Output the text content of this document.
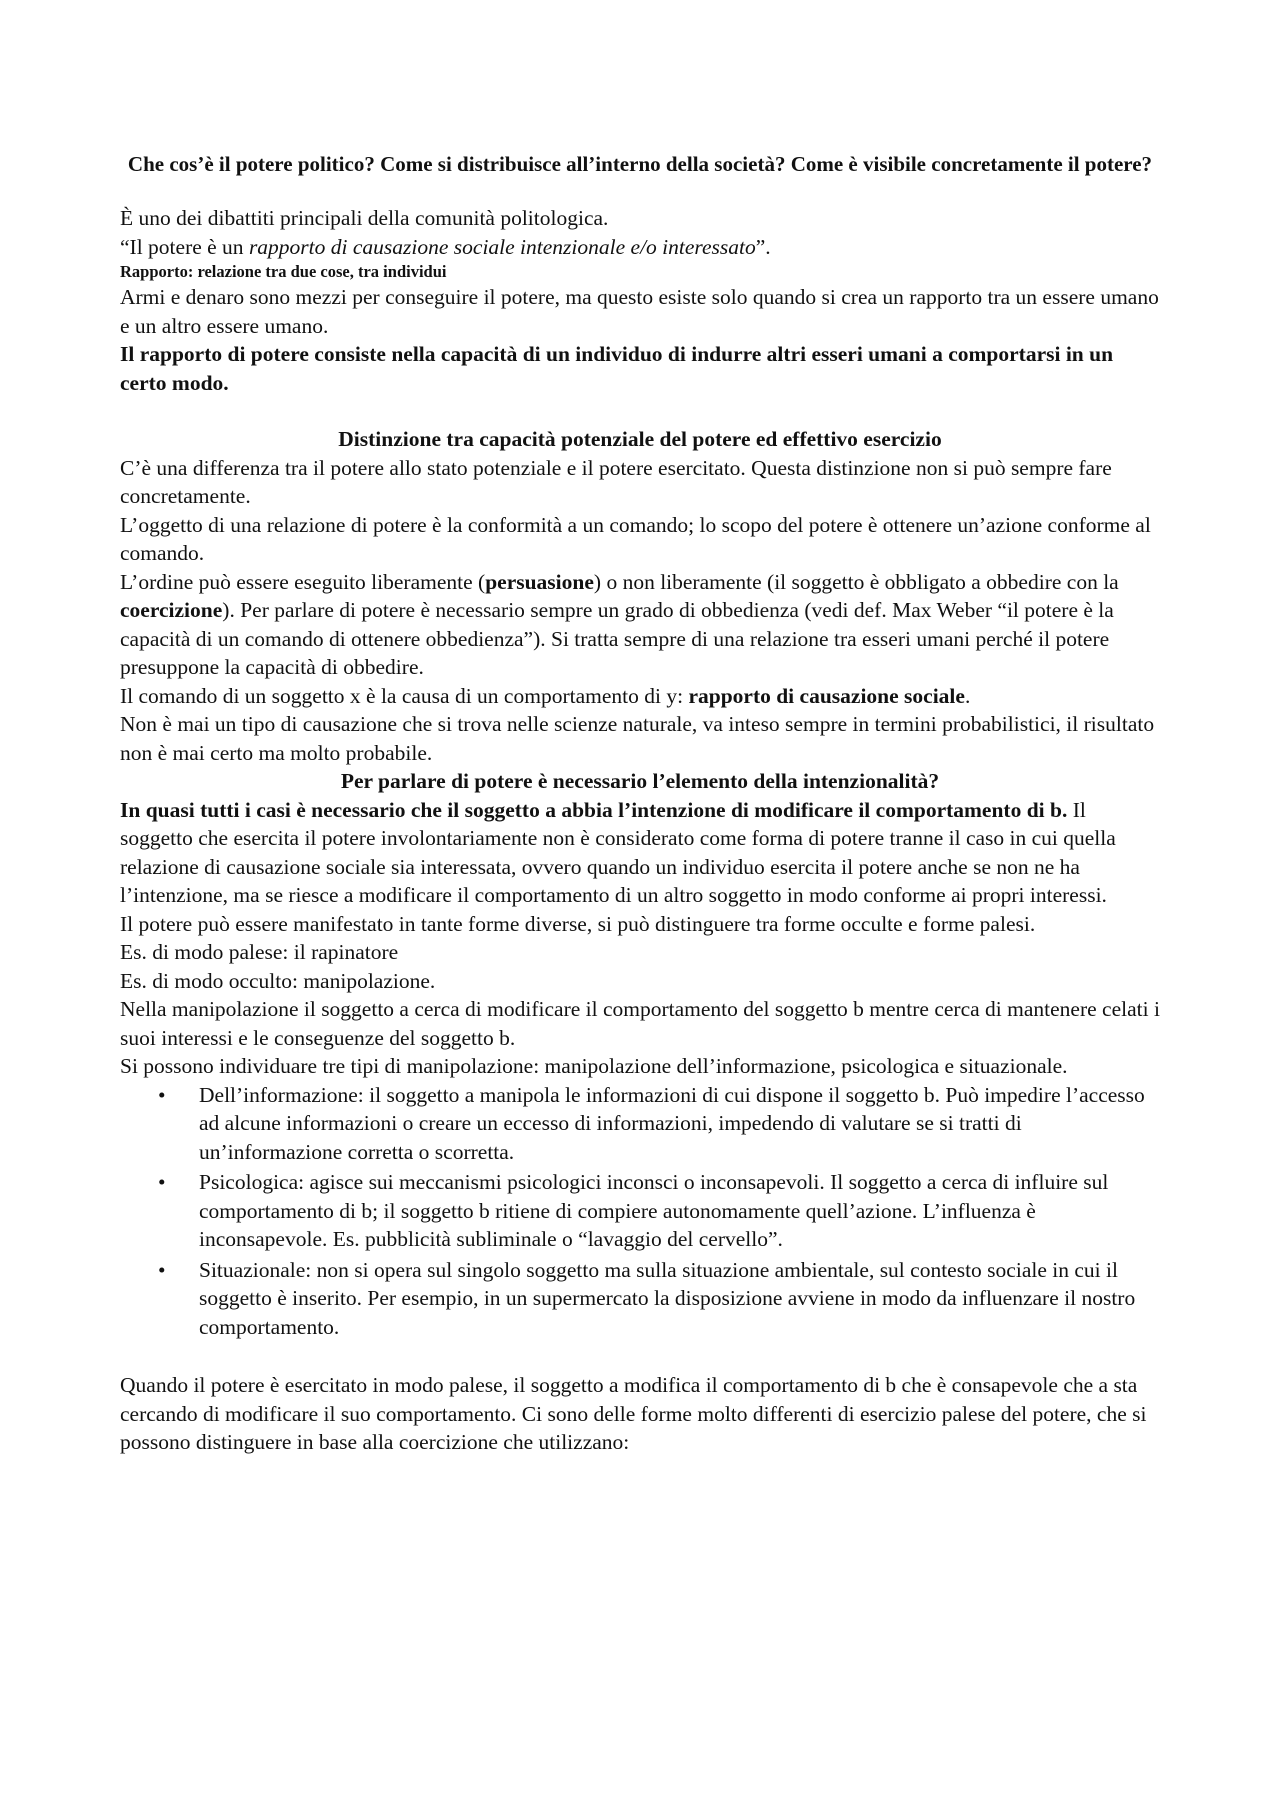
Che cos’è il potere politico? Come si distribuisce all’interno della società? Come è visibile concretamente il potere?

È uno dei dibattiti principali della comunità politologica.

“Il potere è un rapporto di causazione sociale intenzionale e/o interessato”.

Rapporto: relazione tra due cose, tra individui

Armi e denaro sono mezzi per conseguire il potere, ma questo esiste solo quando si crea un rapporto tra un essere umano e un altro essere umano.

Il rapporto di potere consiste nella capacità di un individuo di indurre altri esseri umani a comportarsi in un certo modo.

Distinzione tra capacità potenziale del potere ed effettivo esercizio

C’è una differenza tra il potere allo stato potenziale e il potere esercitato. Questa distinzione non si può sempre fare concretamente.

L’oggetto di una relazione di potere è la conformità a un comando; lo scopo del potere è ottenere un’azione conforme al comando.

L’ordine può essere eseguito liberamente (persuasione) o non liberamente (il soggetto è obbligato a obbedire con la coercizione). Per parlare di potere è necessario sempre un grado di obbedienza (vedi def. Max Weber “il potere è la capacità di un comando di ottenere obbedienza”). Si tratta sempre di una relazione tra esseri umani perché il potere presuppone la capacità di obbedire.

Il comando di un soggetto x è la causa di un comportamento di y: rapporto di causazione sociale.

Non è mai un tipo di causazione che si trova nelle scienze naturale, va inteso sempre in termini probabilistici, il risultato non è mai certo ma molto probabile.

Per parlare di potere è necessario l’elemento della intenzionalità?

In quasi tutti i casi è necessario che il soggetto a abbia l’intenzione di modificare il comportamento di b. Il soggetto che esercita il potere involontariamente non è considerato come forma di potere tranne il caso in cui quella relazione di causazione sociale sia interessata, ovvero quando un individuo esercita il potere anche se non ne ha l’intenzione, ma se riesce a modificare il comportamento di un altro soggetto in modo conforme ai propri interessi.

Il potere può essere manifestato in tante forme diverse, si può distinguere tra forme occulte e forme palesi.

Es. di modo palese: il rapinatore

Es. di modo occulto: manipolazione.

Nella manipolazione il soggetto a cerca di modificare il comportamento del soggetto b mentre cerca di mantenere celati i suoi interessi e le conseguenze del soggetto b.

Si possono individuare tre tipi di manipolazione: manipolazione dell’informazione, psicologica e situazionale.

• Dell’informazione: il soggetto a manipola le informazioni di cui dispone il soggetto b. Può impedire l’accesso ad alcune informazioni o creare un eccesso di informazioni, impedendo di valutare se si tratti di un’informazione corretta o scorretta.
• Psicologica: agisce sui meccanismi psicologici inconsci o inconsapevoli. Il soggetto a cerca di influire sul comportamento di b; il soggetto b ritiene di compiere autonomamente quell’azione. L’influenza è inconsapevole. Es. pubblicità subliminale o “lavaggio del cervello”.
• Situazionale: non si opera sul singolo soggetto ma sulla situazione ambientale, sul contesto sociale in cui il soggetto è inserito. Per esempio, in un supermercato la disposizione avviene in modo da influenzare il nostro comportamento.

Quando il potere è esercitato in modo palese, il soggetto a modifica il comportamento di b che è consapevole che a sta cercando di modificare il suo comportamento. Ci sono delle forme molto differenti di esercizio palese del potere, che si possono distinguere in base alla coercizione che utilizzano:
